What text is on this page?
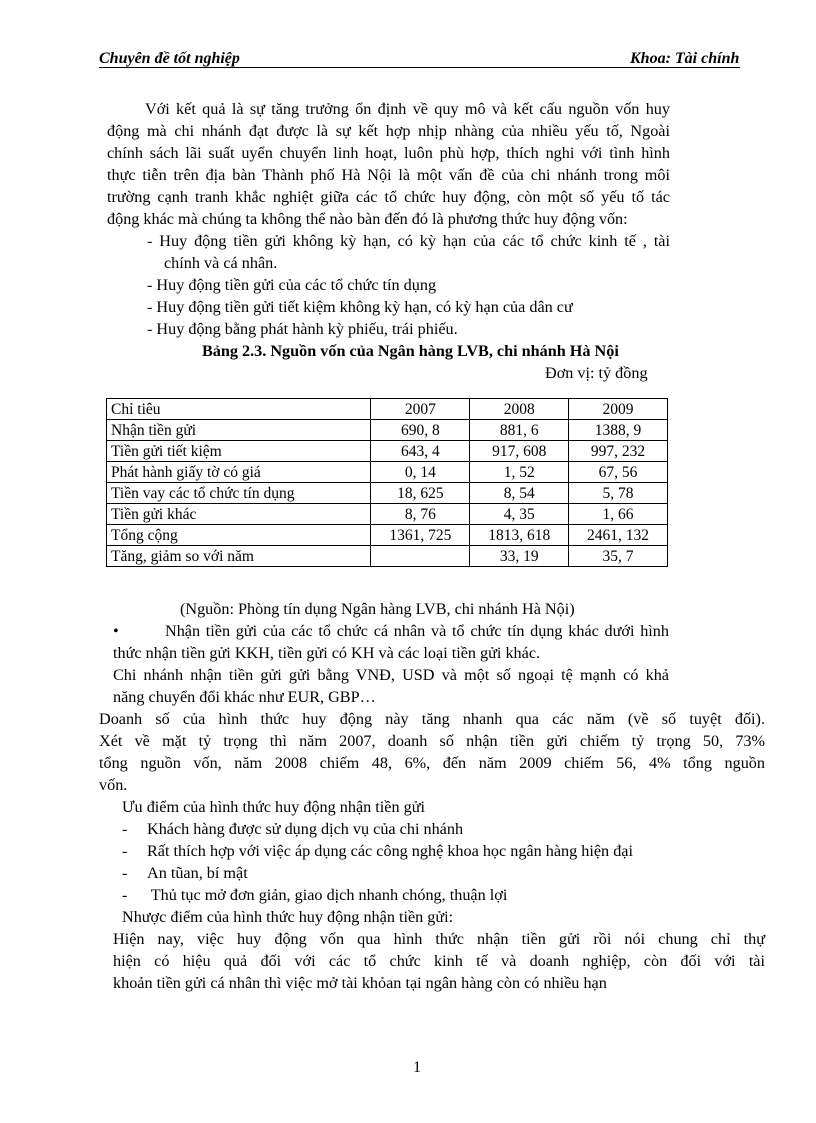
Chuyên đề tốt nghiệp	Khoa: Tài chính
Với kết quả là sự tăng trưởng ổn định về quy mô và kết cấu nguồn vốn huy
động mà chi nhánh đạt được là sự kết hợp nhịp nhàng của nhiều yếu tố, Ngoài
chính sách lãi suất uyển chuyển linh hoạt, luôn phù hợp, thích nghi với tình hình
thực tiễn trên địa bàn Thành phố Hà Nội là một vấn đề của chi nhánh trong môi
trường cạnh tranh khắc nghiệt giữa các tổ chức huy động, còn một số yếu tố tác
động khác mà chúng ta không thể nào bàn đến đó là phương thức huy động vốn:
- Huy động tiền gửi không kỳ hạn, có kỳ hạn của các tổ chức kinh tế , tài
chính và cá nhân.
- Huy động tiền gửi của các tổ chức tín dụng
- Huy động tiền gửi tiết kiệm không kỳ hạn, có kỳ hạn của dân cư
- Huy động bằng phát hành kỳ phiếu, trái phiếu.
Bảng 2.3. Nguồn vốn của Ngân hàng LVB, chi nhánh Hà Nội
Đơn vị: tỷ đồng
Chỉ tiêu	2007	2008	2009
Nhận tiền gửi	690, 8	881, 6	1388, 9
Tiền gửi tiết kiệm	643, 4	917, 608	997, 232
Phát hành giấy tờ có giá	0, 14	1, 52	67, 56
Tiền vay các tổ chức tín dụng	18, 625	8, 54	5, 78
Tiền gửi khác	8, 76	4, 35	1, 66
Tổng cộng	1361, 725	1813, 618	2461, 132
Tăng, giảm so với năm		33, 19	35, 7
(Nguồn: Phòng tín dụng Ngân hàng LVB, chi nhánh Hà Nội)
•	Nhận tiền gửi của các tổ chức cá nhân và tổ chức tín dụng khác dưới hình
thức nhận tiền gửi KKH, tiền gửi có KH và các loại tiền gửi khác.
Chi nhánh nhận tiền gửi gửi bằng VNĐ, USD và một số ngoại tệ mạnh có khả
năng chuyển đổi khác như EUR, GBP…
Doanh số của hình thức huy động này tăng nhanh qua các năm (về số tuyệt đối).
Xét về mặt tỷ trọng thì năm 2007, doanh số nhận tiền gửi chiếm tỷ trọng 50, 73%
tổng nguồn vốn, năm 2008 chiếm 48, 6%, đến năm 2009 chiếm 56, 4% tổng nguồn
vốn.
Ưu điểm của hình thức huy động nhận tiền gửi
- Khách hàng được sử dụng dịch vụ của chi nhánh
- Rất thích hợp với việc áp dụng các công nghệ khoa học ngân hàng hiện đại
- An tũan, bí mật
- Thủ tục mở đơn giản, giao dịch nhanh chóng, thuận lợi
Nhược điểm của hình thức huy động nhận tiền gửi:
Hiện nay, việc huy động vốn qua hình thức nhận tiền gửi rồi nói chung chỉ thự
hiện có hiệu quả đối với các tổ chức kinh tế và doanh nghiệp, còn đối với tài
khoản tiền gửi cá nhân thì việc mở tài khỏan tại ngân hàng còn có nhiều hạn
1
